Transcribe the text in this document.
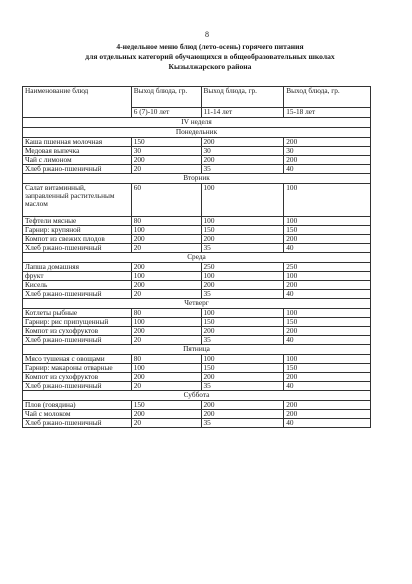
8
4-недельное меню блюд (лето-осень) горячего питания
для отдельных категорий обучающихся в общеобразовательных школах
Кызылжарского района
Наименование блюд	Выход блюда, гр.	Выход блюда, гр.	Выход блюда, гр.
	6 (7)-10 лет	11-14 лет	15-18 лет
IV неделя			
Понедельник			
Каша пшенная молочная	150	200	200
Медовая выпечка	30	30	30
Чай с лимоном	200	200	200
Хлеб ржано-пшеничный	20	35	40
Вторник			
Салат витаминный, заправленный растительным маслом	60	100	100
Тефтели мясные	80	100	100
Гарнир: крупяной	100	150	150
Компот из свежих плодов	200	200	200
Хлеб ржано-пшеничный	20	35	40
Среда			
Лапша домашняя	200	250	250
фрукт	100	100	100
Кисель	200	200	200
Хлеб ржано-пшеничный	20	35	40
Четверг			
Котлеты рыбные	80	100	100
Гарнир: рис припущенный	100	150	150
Компот из сухофруктов	200	200	200
Хлеб ржано-пшеничный	20	35	40
Пятница			
Мясо тушеная с овощами	80	100	100
Гарнир: макароны отварные	100	150	150
Компот из сухофруктов	200	200	200
Хлеб ржано-пшеничный	20	35	40
Суббота			
Плов (говядина)	150	200	200
Чай с молоком	200	200	200
Хлеб ржано-пшеничный	20	35	40
